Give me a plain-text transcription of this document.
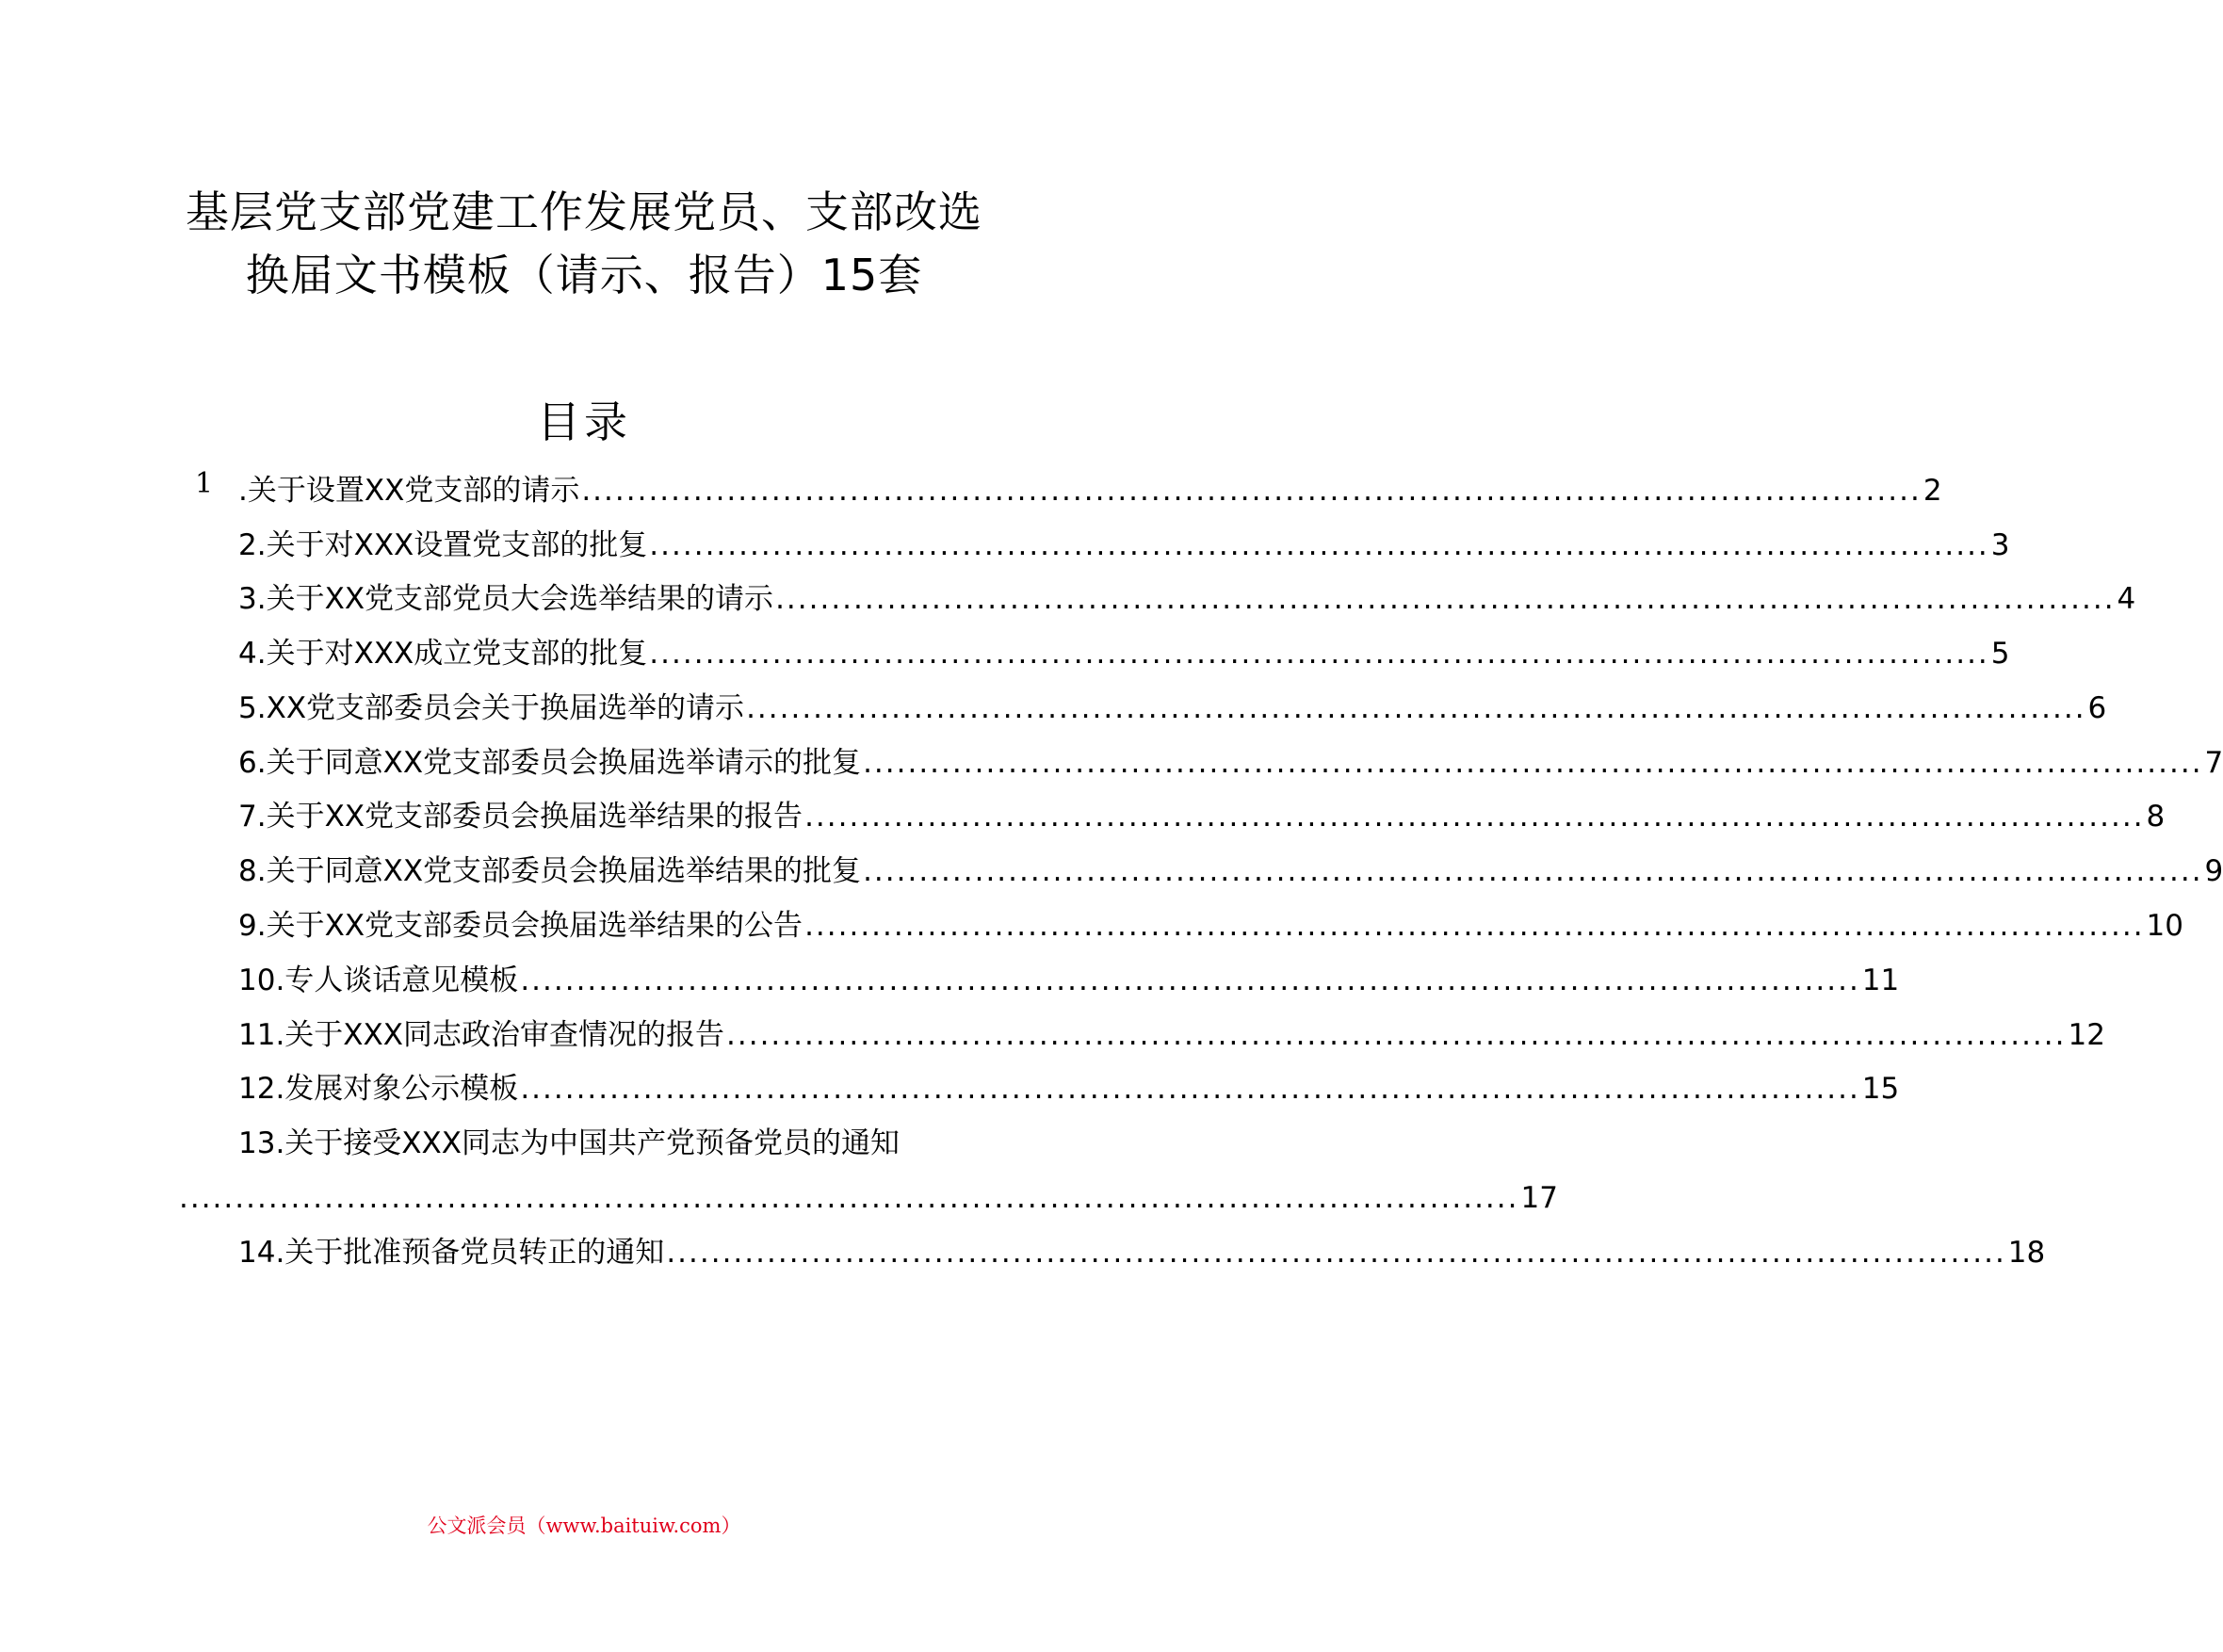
基层党支部党建工作发展党员、支部改选
换届文书模板（请示、报告）15套
目录
1 .关于设置XX党支部的请示 ........................................................................................................................ 2
2.关于对XXX设置党支部的批复 ........................................................................................................................ 3
3.关于XX党支部党员大会选举结果的请示 ........................................................................................................................ 4
4.关于对XXX成立党支部的批复 ........................................................................................................................ 5
5.XX党支部委员会关于换届选举的请示 ........................................................................................................................ 6
6.关于同意XX党支部委员会换届选举请示的批复 ........................................................................................................................ 7
7.关于XX党支部委员会换届选举结果的报告 ........................................................................................................................ 8
8.关于同意XX党支部委员会换届选举结果的批复 ........................................................................................................................ 9
9.关于XX党支部委员会换届选举结果的公告 ........................................................................................................................ 10
10.专人谈话意见模板 ........................................................................................................................ 11
11.关于XXX同志政治审查情况的报告 ........................................................................................................................ 12
12.发展对象公示模板 ........................................................................................................................ 15
13.关于接受XXX同志为中国共产党预备党员的通知
........................................................................................................................ 17
14.关于批准预备党员转正的通知 ........................................................................................................................ 18
公文派会员（www.baituiw.com）
